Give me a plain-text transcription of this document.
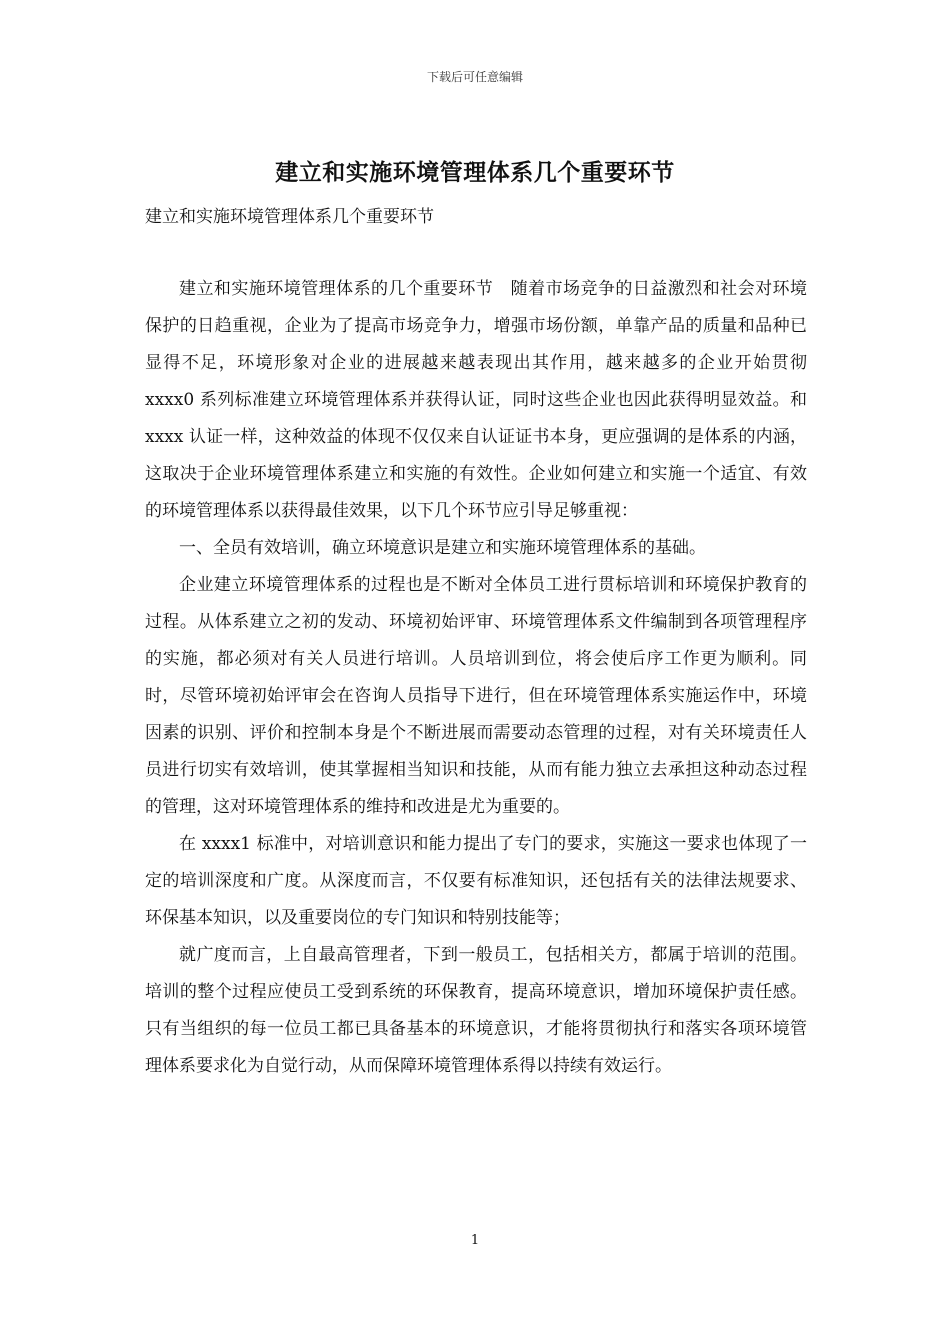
下载后可任意编辑
建立和实施环境管理体系几个重要环节
建立和实施环境管理体系几个重要环节

建立和实施环境管理体系的几个重要环节　随着市场竞争的日益激烈和社会对环境保护的日趋重视，企业为了提高市场竞争力，增强市场份额，单靠产品的质量和品种已显得不足，环境形象对企业的进展越来越表现出其作用，越来越多的企业开始贯彻 xxxx0 系列标准建立环境管理体系并获得认证，同时这些企业也因此获得明显效益。和 xxxx 认证一样，这种效益的体现不仅仅来自认证证书本身，更应强调的是体系的内涵，这取决于企业环境管理体系建立和实施的有效性。企业如何建立和实施一个适宜、有效的环境管理体系以获得最佳效果，以下几个环节应引导足够重视：

一、全员有效培训，确立环境意识是建立和实施环境管理体系的基础。

企业建立环境管理体系的过程也是不断对全体员工进行贯标培训和环境保护教育的过程。从体系建立之初的发动、环境初始评审、环境管理体系文件编制到各项管理程序的实施，都必须对有关人员进行培训。人员培训到位，将会使后序工作更为顺利。同时，尽管环境初始评审会在咨询人员指导下进行，但在环境管理体系实施运作中，环境因素的识别、评价和控制本身是个不断进展而需要动态管理的过程，对有关环境责任人员进行切实有效培训，使其掌握相当知识和技能，从而有能力独立去承担这种动态过程的管理，这对环境管理体系的维持和改进是尤为重要的。

在 xxxx1 标准中，对培训意识和能力提出了专门的要求，实施这一要求也体现了一定的培训深度和广度。从深度而言，不仅要有标准知识，还包括有关的法律法规要求、环保基本知识，以及重要岗位的专门知识和特别技能等；

就广度而言，上自最高管理者，下到一般员工，包括相关方，都属于培训的范围。培训的整个过程应使员工受到系统的环保教育，提高环境意识，增加环境保护责任感。只有当组织的每一位员工都已具备基本的环境意识，才能将贯彻执行和落实各项环境管理体系要求化为自觉行动，从而保障环境管理体系得以持续有效运行。

1
